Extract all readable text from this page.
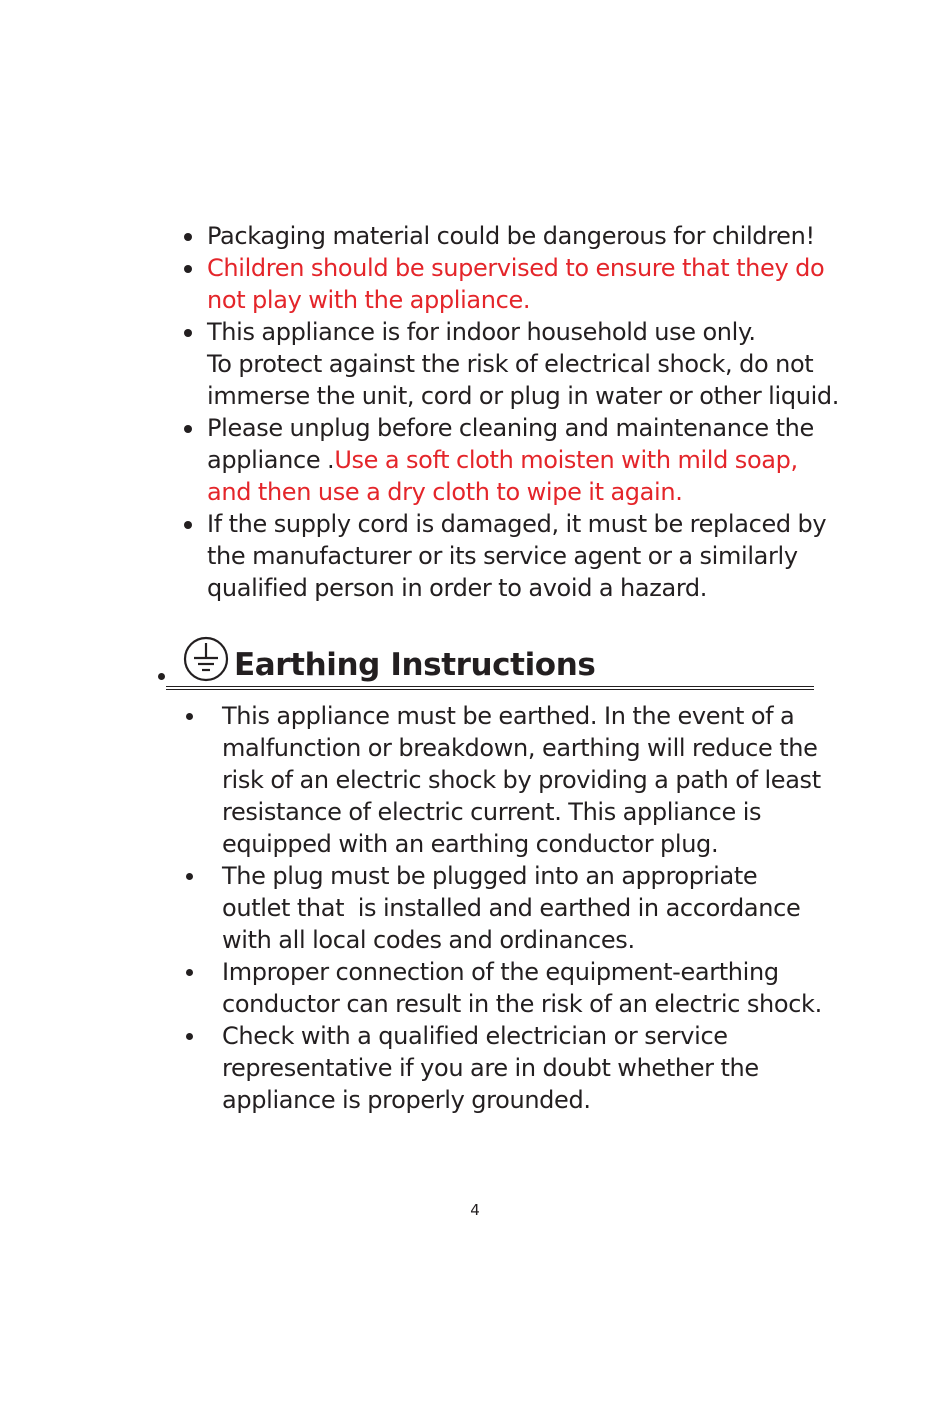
Packaging material could be dangerous for children!
Children should be supervised to ensure that they do
not play with the appliance.
This appliance is for indoor household use only.
To protect against the risk of electrical shock, do not
immerse the unit, cord or plug in water or other liquid.
Please unplug before cleaning and maintenance the
appliance .Use a soft cloth moisten with mild soap,
and then use a dry cloth to wipe it again.
If the supply cord is damaged, it must be replaced by
the manufacturer or its service agent or a similarly
qualified person in order to avoid a hazard.
Earthing Instructions
This appliance must be earthed. In the event of a
malfunction or breakdown, earthing will reduce the
risk of an electric shock by providing a path of least
resistance of electric current. This appliance is
equipped with an earthing conductor plug.
The plug must be plugged into an appropriate
outlet that  is installed and earthed in accordance
with all local codes and ordinances.
Improper connection of the equipment-earthing
conductor can result in the risk of an electric shock.
Check with a qualified electrician or service
representative if you are in doubt whether the
appliance is properly grounded.
4
